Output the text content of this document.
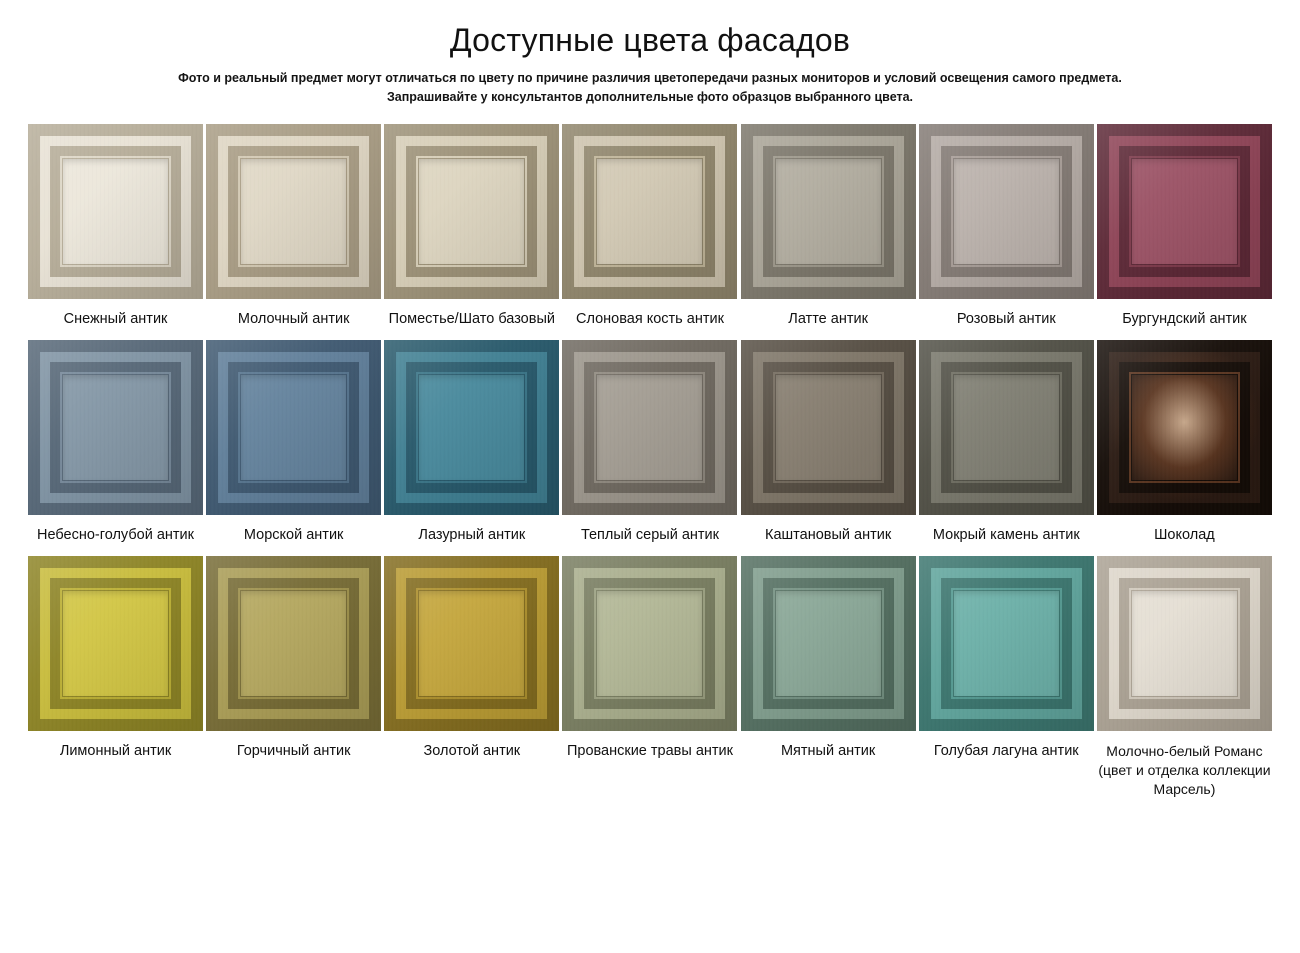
Доступные цвета фасадов
Фото и реальный предмет могут отличаться по цвету по причине различия цветопередачи разных мониторов и условий освещения самого предмета.
Запрашивайте у консультантов дополнительные фото образцов выбранного цвета.
Снежный антик	Молочный антик	Поместье/Шато базовый	Слоновая кость антик	Латте антик	Розовый антик	Бургундский антик
Небесно-голубой антик	Морской антик	Лазурный антик	Теплый серый антик	Каштановый антик	Мокрый камень антик	Шоколад
Лимонный антик	Горчичный антик	Золотой антик	Прованские травы антик	Мятный антик	Голубая лагуна антик	Молочно-белый Романс (цвет и отделка коллекции Марсель)
